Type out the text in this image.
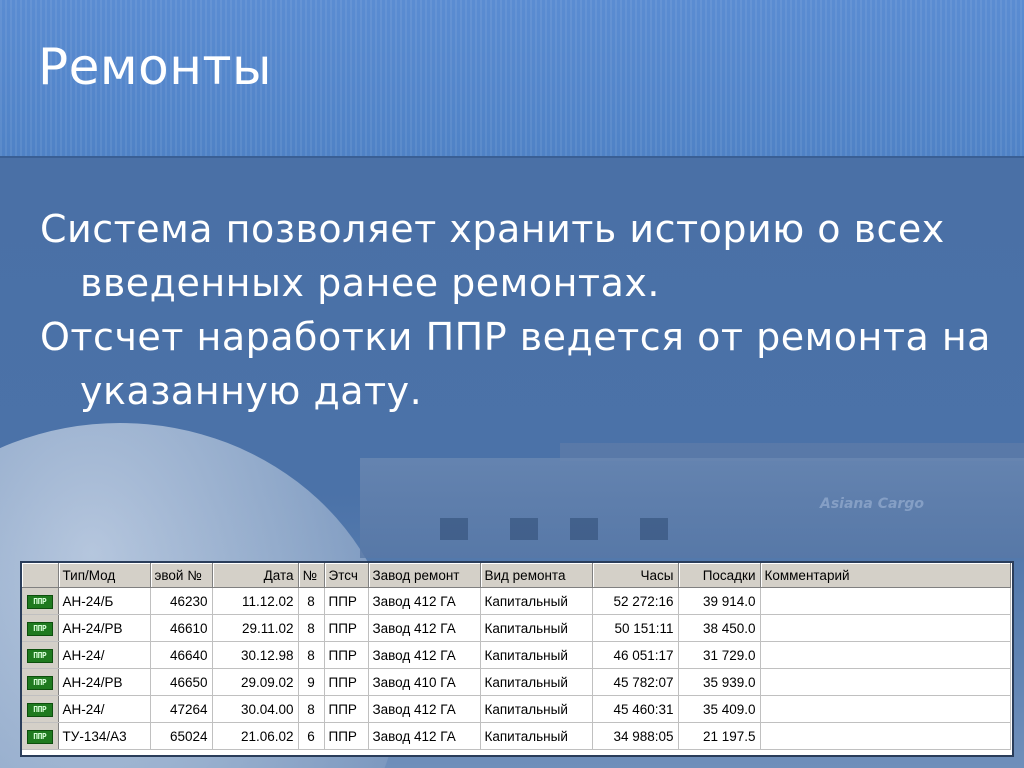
Ремонты
Asiana Cargo

Система позволяет хранить историю о всех введенных ранее ремонтах.

Отсчет наработки ППР ведется от ремонта на указанную дату.

	Тип/Мод	эвой №	Дата	№	Этсч	Завод ремонт	Вид ремонта	Часы	Посадки	Комментарий
ППР	АН-24/Б	46230	11.12.02	8	ППР	Завод 412 ГА	Капитальный	52 272:16	39 914.0	
ППР	АН-24/РВ	46610	29.11.02	8	ППР	Завод 412 ГА	Капитальный	50 151:11	38 450.0	
ППР	АН-24/	46640	30.12.98	8	ППР	Завод 412 ГА	Капитальный	46 051:17	31 729.0	
ППР	АН-24/РВ	46650	29.09.02	9	ППР	Завод 410 ГА	Капитальный	45 782:07	35 939.0	
ППР	АН-24/	47264	30.04.00	8	ППР	Завод 412 ГА	Капитальный	45 460:31	35 409.0	
ППР	ТУ-134/А3	65024	21.06.02	6	ППР	Завод 412 ГА	Капитальный	34 988:05	21 197.5	
